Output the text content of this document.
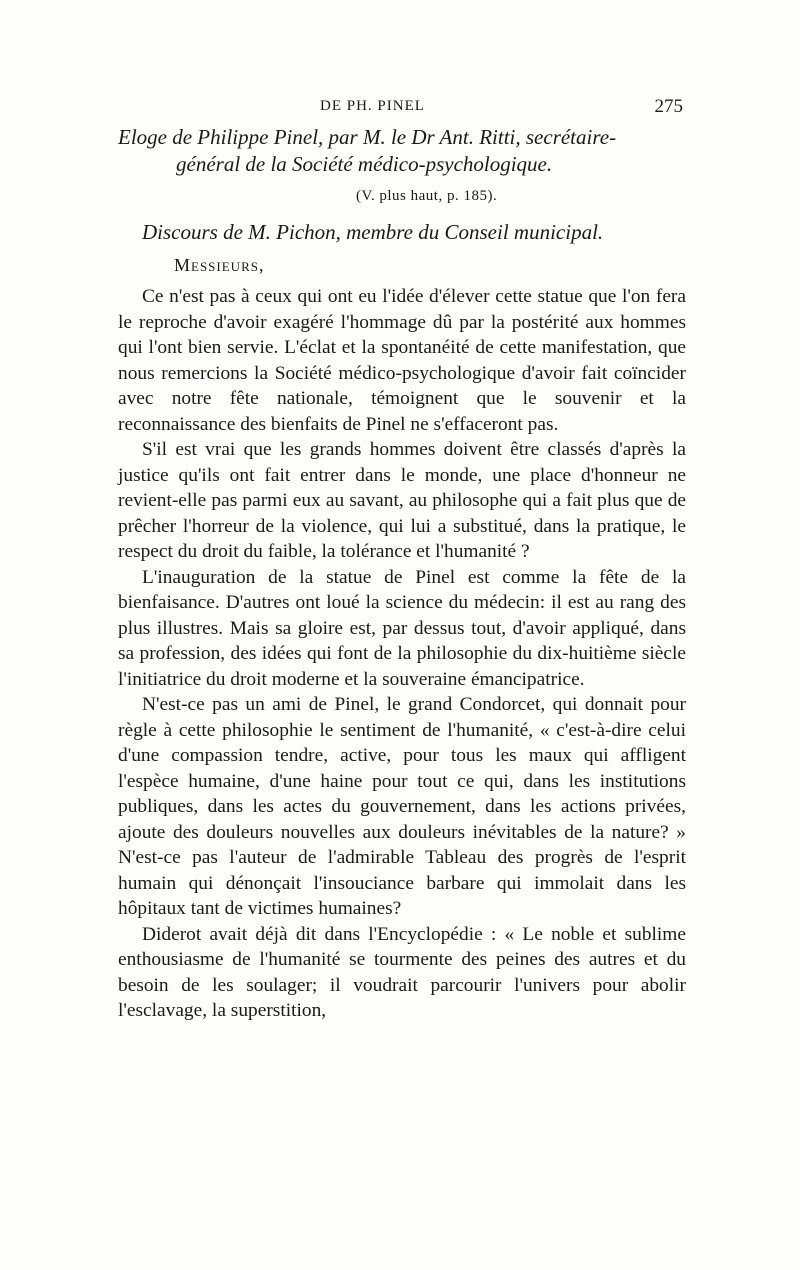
DE PH. PINEL	275

Eloge de Philippe Pinel, par M. le Dr Ant. Ritti, secrétaire-

général de la Société médico-psychologique.

(V. plus haut, p. 185).

Discours de M. Pichon, membre du Conseil municipal.

Messieurs,

Ce n'est pas à ceux qui ont eu l'idée d'élever cette statue que l'on fera le reproche d'avoir exagéré l'hommage dû par la postérité aux hommes qui l'ont bien servie. L'éclat et la spontanéité de cette manifestation, que nous remercions la Société médico-psychologique d'avoir fait coïncider avec notre fête nationale, témoignent que le souvenir et la reconnaissance des bienfaits de Pinel ne s'effaceront pas.

S'il est vrai que les grands hommes doivent être classés d'après la justice qu'ils ont fait entrer dans le monde, une place d'honneur ne revient-elle pas parmi eux au savant, au philosophe qui a fait plus que de prêcher l'horreur de la violence, qui lui a substitué, dans la pratique, le respect du droit du faible, la tolérance et l'humanité ?

L'inauguration de la statue de Pinel est comme la fête de la bienfaisance. D'autres ont loué la science du médecin: il est au rang des plus illustres. Mais sa gloire est, par dessus tout, d'avoir appliqué, dans sa profession, des idées qui font de la philosophie du dix-huitième siècle l'initiatrice du droit moderne et la souveraine émancipatrice.

N'est-ce pas un ami de Pinel, le grand Condorcet, qui donnait pour règle à cette philosophie le sentiment de l'humanité, « c'est-à-dire celui d'une compassion tendre, active, pour tous les maux qui affligent l'espèce humaine, d'une haine pour tout ce qui, dans les institutions publiques, dans les actes du gouvernement, dans les actions privées, ajoute des douleurs nouvelles aux douleurs inévitables de la nature? » N'est-ce pas l'auteur de l'admirable Tableau des progrès de l'esprit humain qui dénonçait l'insouciance barbare qui immolait dans les hôpitaux tant de victimes humaines?

Diderot avait déjà dit dans l'Encyclopédie : « Le noble et sublime enthousiasme de l'humanité se tourmente des peines des autres et du besoin de les soulager; il voudrait parcourir l'univers pour abolir l'esclavage, la superstition,
